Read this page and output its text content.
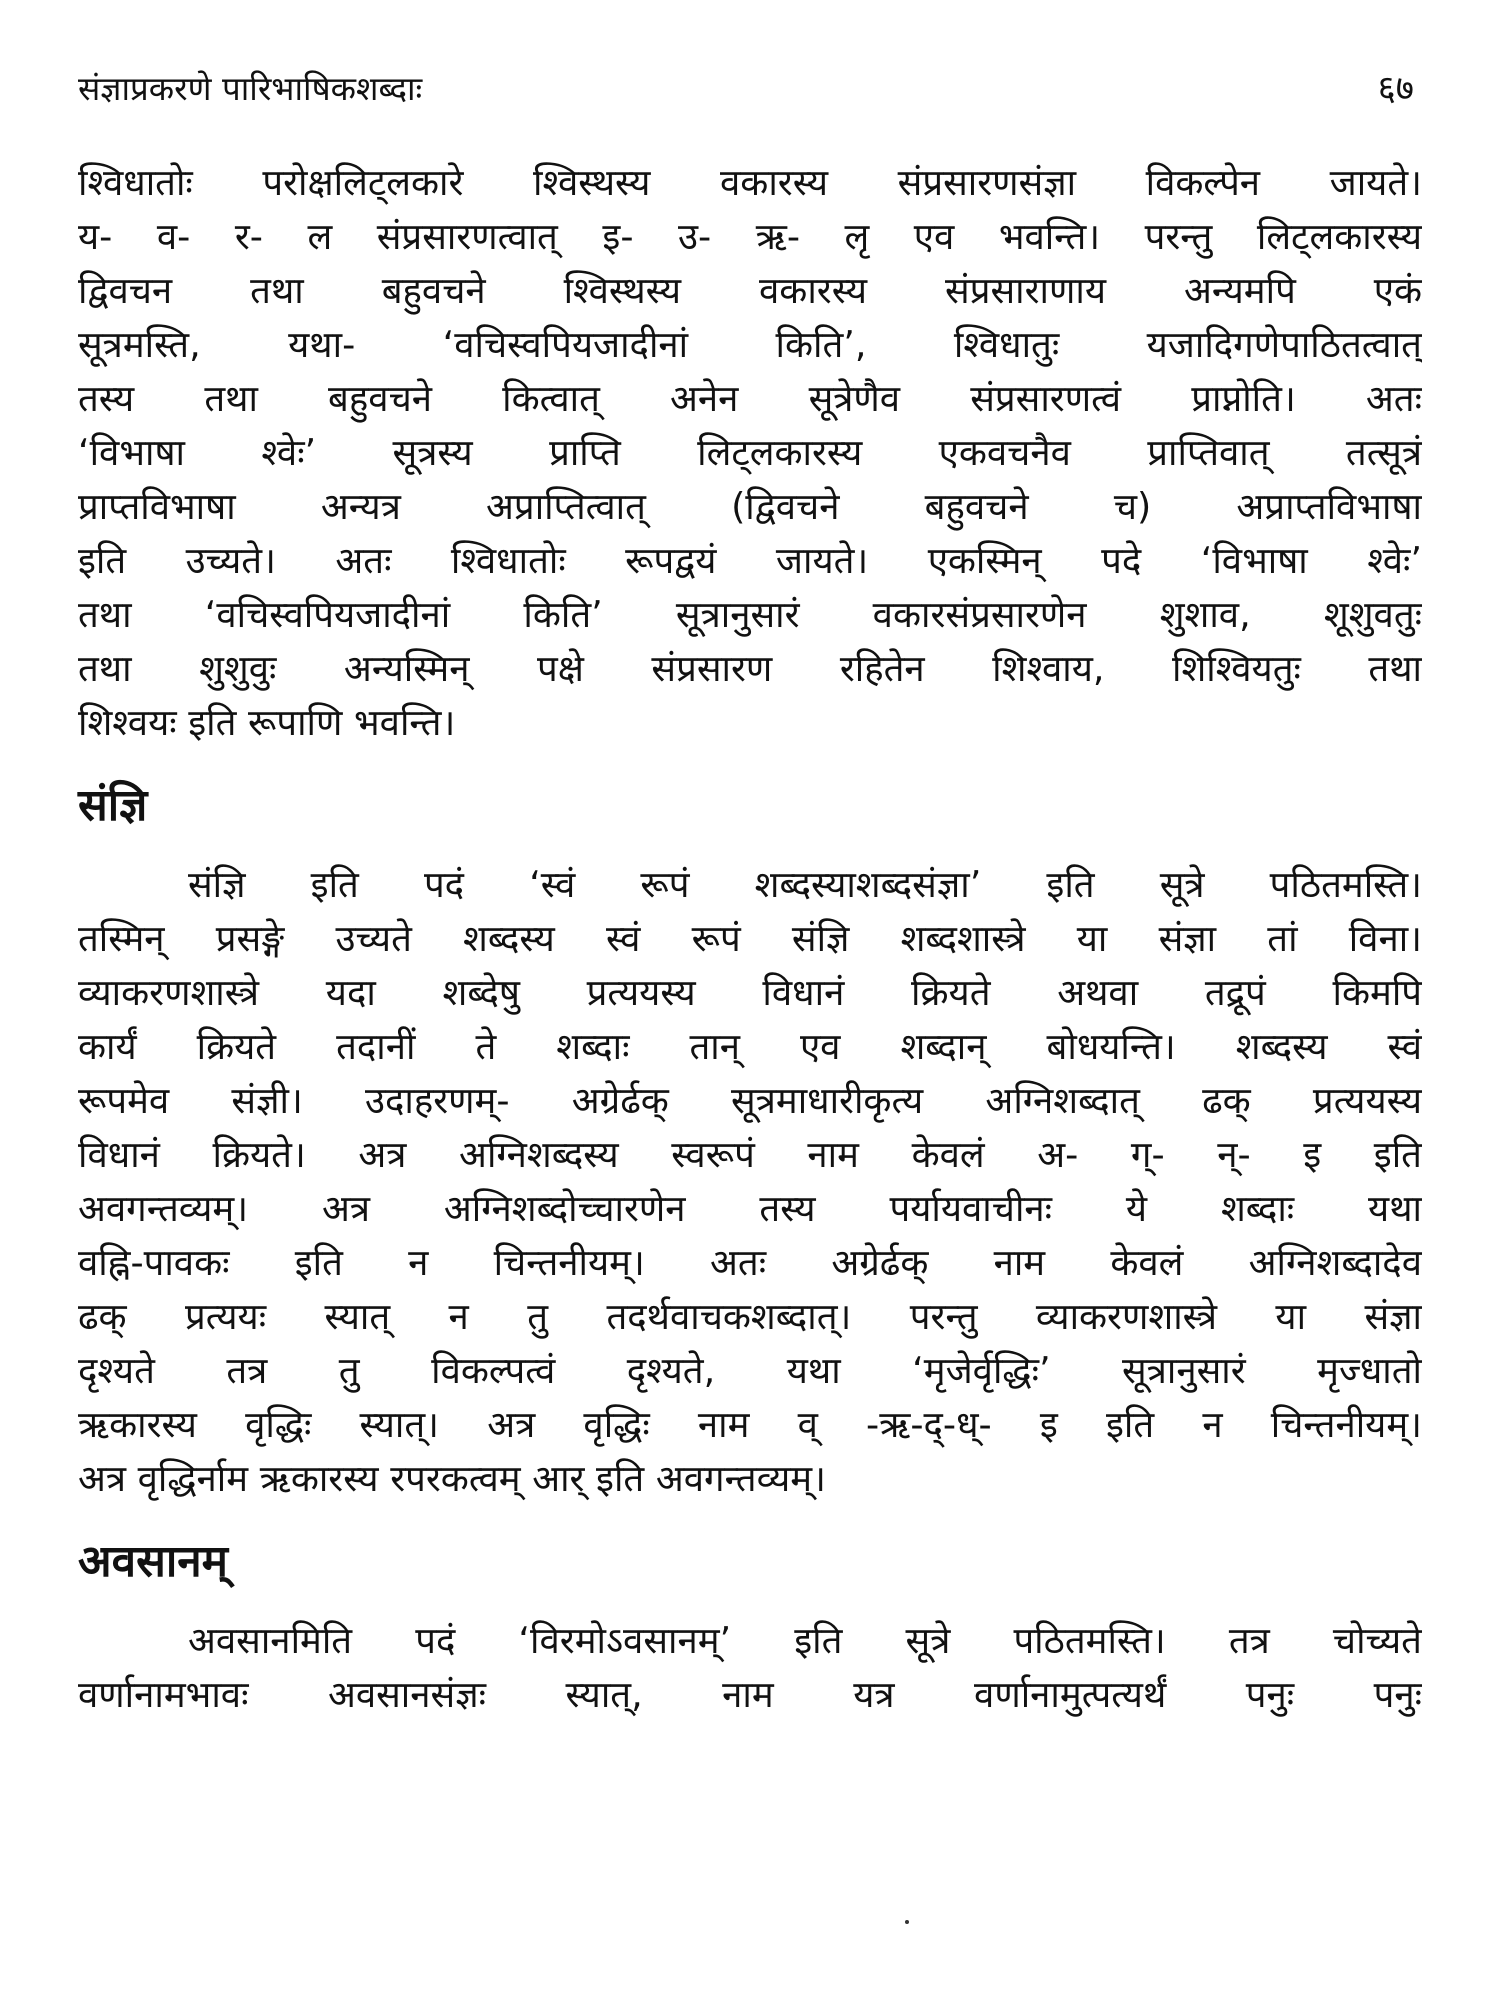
संज्ञाप्रकरणे पारिभाषिकशब्दाः	६७
श्विधातोः परोक्षलिट्लकारे श्विस्थस्य वकारस्य संप्रसारणसंज्ञा विकल्पेन जायते।
य- व- र- ल संप्रसारणत्वात् इ- उ- ऋ- लृ एव भवन्ति। परन्तु लिट्लकारस्य
द्विवचन तथा बहुवचने श्विस्थस्य वकारस्य संप्रसाराणाय अन्यमपि एकं
सूत्रमस्ति, यथा- ‘वचिस्वपियजादीनां किति’, श्विधातुः यजादिगणेपाठितत्वात्
तस्य तथा बहुवचने कित्वात् अनेन सूत्रेणैव संप्रसारणत्वं प्राप्नोति। अतः
‘विभाषा श्वेः’ सूत्रस्य प्राप्ति लिट्लकारस्य एकवचनैव प्राप्तिवात् तत्सूत्रं
प्राप्तविभाषा अन्यत्र अप्राप्तित्वात् (द्विवचने बहुवचने च) अप्राप्तविभाषा
इति उच्यते। अतः श्विधातोः रूपद्वयं जायते। एकस्मिन् पदे ‘विभाषा श्वेः’
तथा ‘वचिस्वपियजादीनां किति’ सूत्रानुसारं वकारसंप्रसारणेन शुशाव, शूशुवतुः
तथा शुशुवुः अन्यस्मिन् पक्षे संप्रसारण रहितेन शिश्वाय, शिश्वियतुः तथा
शिश्वयः इति रूपाणि भवन्ति।
संज्ञि
संज्ञि इति पदं ‘स्वं रूपं शब्दस्याशब्दसंज्ञा’ इति सूत्रे पठितमस्ति।
तस्मिन् प्रसङ्गे उच्यते शब्दस्य स्वं रूपं संज्ञि शब्दशास्त्रे या संज्ञा तां विना।
व्याकरणशास्त्रे यदा शब्देषु प्रत्ययस्य विधानं क्रियते अथवा तद्रूपं किमपि
कार्यं क्रियते तदानीं ते शब्दाः तान् एव शब्दान् बोधयन्ति। शब्दस्य स्वं
रूपमेव संज्ञी। उदाहरणम्- अग्रेर्ढक् सूत्रमाधारीकृत्य अग्निशब्दात् ढक् प्रत्ययस्य
विधानं क्रियते। अत्र अग्निशब्दस्य स्वरूपं नाम केवलं अ- ग्- न्- इ इति
अवगन्तव्यम्। अत्र अग्निशब्दोच्चारणेन तस्य पर्यायवाचीनः ये शब्दाः यथा
वह्नि-पावकः इति न चिन्तनीयम्। अतः अग्रेर्ढक् नाम केवलं अग्निशब्दादेव
ढक् प्रत्ययः स्यात् न तु तदर्थवाचकशब्दात्। परन्तु व्याकरणशास्त्रे या संज्ञा
दृश्यते तत्र तु विकल्पत्वं दृश्यते, यथा ‘मृजेर्वृद्धिः’ सूत्रानुसारं मृज्धातो
ऋकारस्य वृद्धिः स्यात्। अत्र वृद्धिः नाम व् -ऋ-द्-ध्- इ इति न चिन्तनीयम्।
अत्र वृद्धिर्नाम ऋकारस्य रपरकत्वम् आर् इति अवगन्तव्यम्।
अवसानम्
अवसानमिति पदं ‘विरमोऽवसानम्’ इति सूत्रे पठितमस्ति। तत्र चोच्यते
वर्णानामभावः अवसानसंज्ञः स्यात्, नाम यत्र वर्णानामुत्पत्यर्थं पनुः पनुः
